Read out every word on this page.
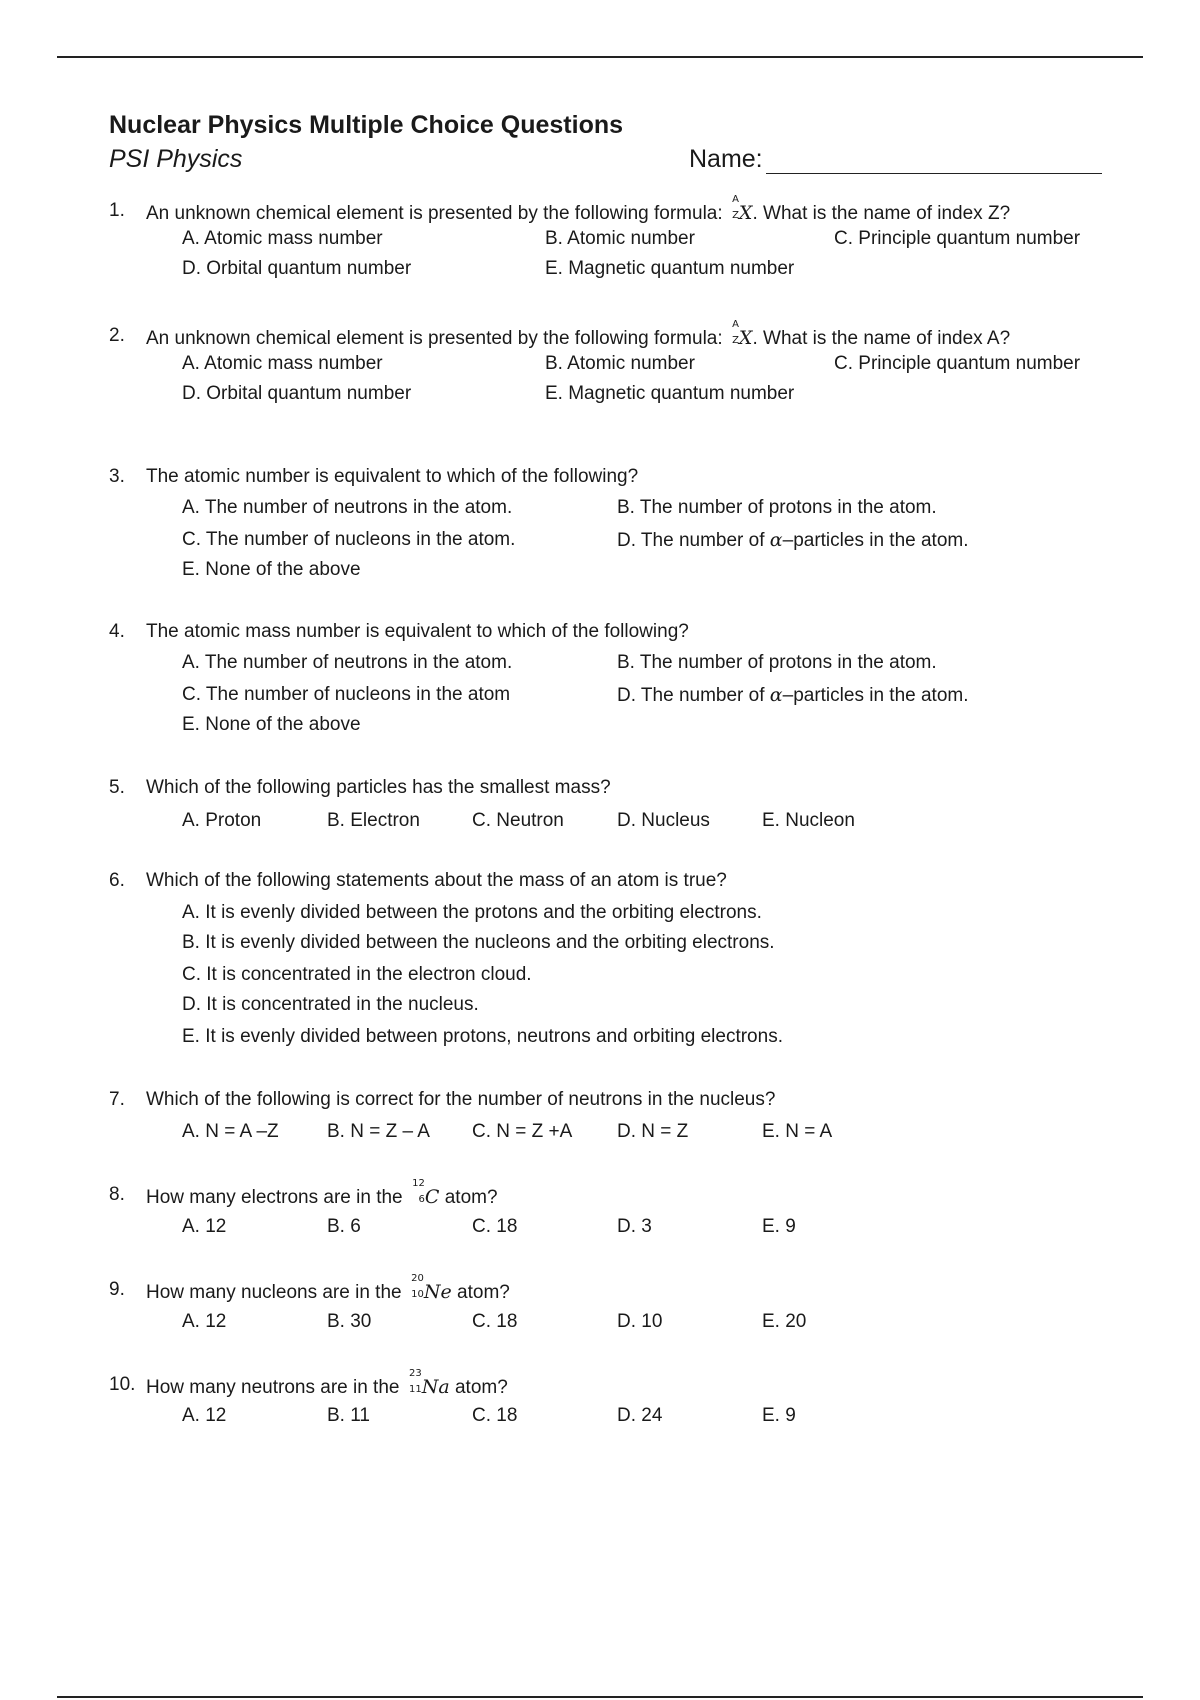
Nuclear Physics Multiple Choice Questions
PSI Physics	Name:
1. An unknown chemical element is presented by the following formula:
A
Z X. What is the name of index Z?
A. Atomic mass number	B. Atomic number	C. Principle quantum number
D. Orbital quantum number	E. Magnetic quantum number
2. An unknown chemical element is presented by the following formula:
A
Z X. What is the name of index A?
A. Atomic mass number	B. Atomic number	C. Principle quantum number
D. Orbital quantum number	E. Magnetic quantum number
3. The atomic number is equivalent to which of the following?
A. The number of neutrons in the atom.	B. The number of protons in the atom.
C. The number of nucleons in the atom.	D. The number of α–particles in the atom.
E. None of the above
4. The atomic mass number is equivalent to which of the following?
A. The number of neutrons in the atom.	B. The number of protons in the atom.
C. The number of nucleons in the atom	D. The number of α–particles in the atom.
E. None of the above
5. Which of the following particles has the smallest mass?
A. Proton	B. Electron	C. Neutron	D. Nucleus	E. Nucleon
6. Which of the following statements about the mass of an atom is true?
A. It is evenly divided between the protons and the orbiting electrons.
B. It is evenly divided between the nucleons and the orbiting electrons.
C. It is concentrated in the electron cloud.
D. It is concentrated in the nucleus.
E. It is evenly divided between protons, neutrons and orbiting electrons.
7. Which of the following is correct for the number of neutrons in the nucleus?
A. N = A –Z	B. N = Z – A C. N = Z +A D. N = Z	E. N = A
8. How many electrons are in the
12
6 C atom?
A. 12	B. 6	C. 18	D. 3	E. 9
9. How many nucleons are in the
20
10 Ne atom?
A. 12	B. 30	C. 18	D. 10	E. 20
10. How many neutrons are in the
23
11 Na atom?
A. 12	B. 11	C. 18	D. 24	E. 9
